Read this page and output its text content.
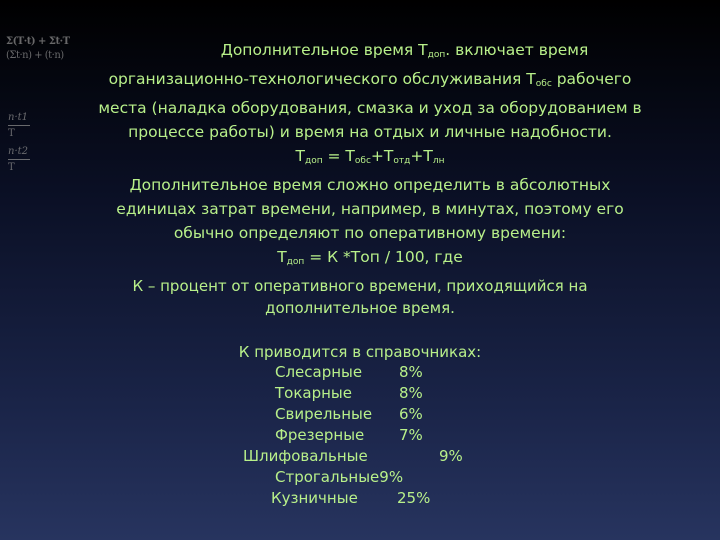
Σ(T·t) + Σt·T
(Σt·n) + (t·n)
n·t1
T
n·t2
T
Дополнительное время $Т_{доп}$. включает время
организационно-технологического обслуживания $Т_{обс}$ рабочего
места (наладка оборудования, смазка и уход за оборудованием в
процессе работы) и время на отдых и личные надобности.
$Т_{доп} = Т_{обс}+Т_{отд}+Т_{лн}$
Дополнительное время сложно определить в абсолютных
единицах затрат времени, например, в минутах, поэтому его
обычно определяют по оперативному времени:
$Т_{доп} = К$ *Топ / 100, где
К – процент от оперативного времени, приходящийся на
дополнительное время.
К приводится в справочниках:
Слесарные 8%
Токарные	8%
Свирельные 6%
Фрезерные 7%
Шлифовальные	9%
Строгальные9%
Кузничные	25%
